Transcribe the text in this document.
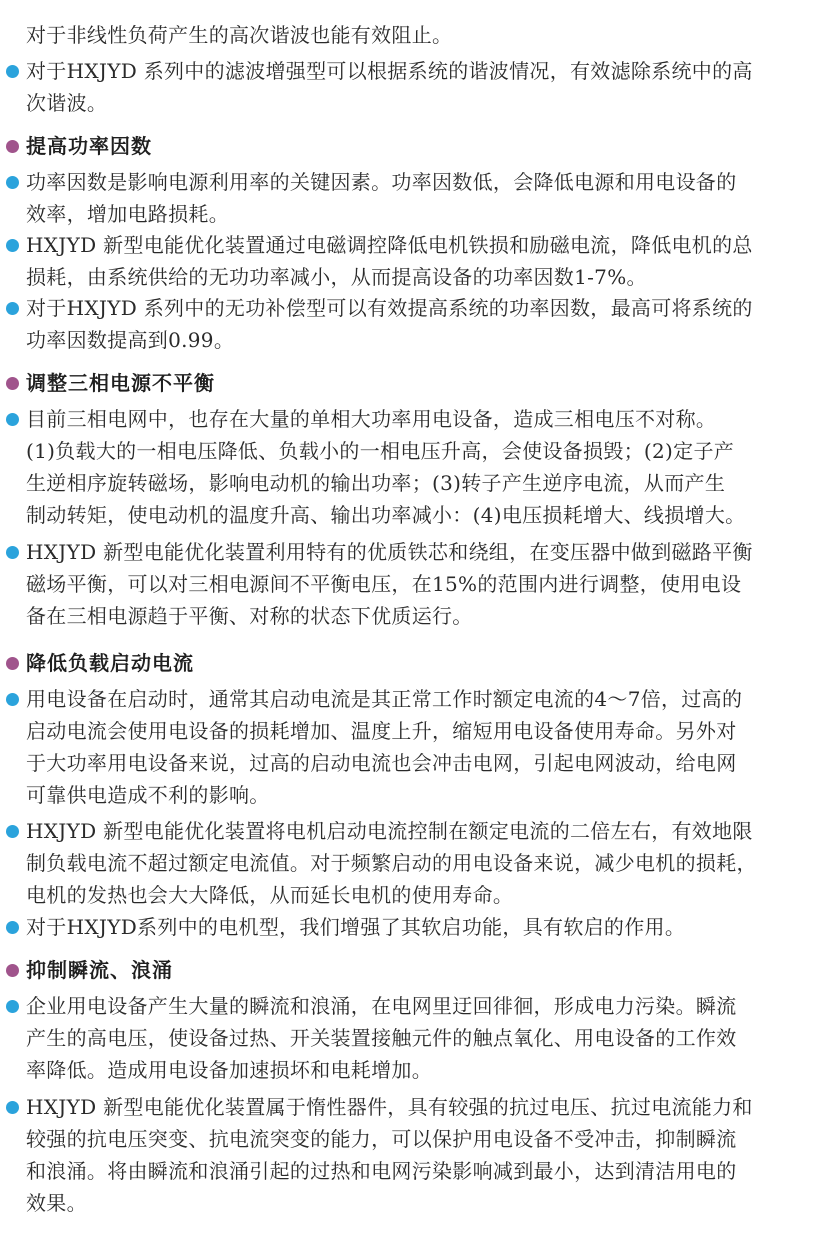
对于非线性负荷产生的高次谐波也能有效阻止。
对于HXJYD 系列中的滤波增强型可以根据系统的谐波情况，有效滤除系统中的高
次谐波。
提高功率因数
功率因数是影响电源利用率的关键因素。功率因数低，会降低电源和用电设备的
效率，增加电路损耗。
HXJYD 新型电能优化装置通过电磁调控降低电机铁损和励磁电流，降低电机的总
损耗，由系统供给的无功功率减小，从而提高设备的功率因数1-7%。
对于HXJYD 系列中的无功补偿型可以有效提高系统的功率因数，最高可将系统的
功率因数提高到0.99。
调整三相电源不平衡
目前三相电网中，也存在大量的单相大功率用电设备，造成三相电压不对称。
(1)负载大的一相电压降低、负载小的一相电压升高，会使设备损毁；(2)定子产
生逆相序旋转磁场，影响电动机的输出功率；(3)转子产生逆序电流，从而产生
制动转矩，使电动机的温度升高、输出功率减小：(4)电压损耗增大、线损增大。
HXJYD 新型电能优化装置利用特有的优质铁芯和绕组，在变压器中做到磁路平衡
磁场平衡，可以对三相电源间不平衡电压，在15%的范围内进行调整，使用电设
备在三相电源趋于平衡、对称的状态下优质运行。
降低负载启动电流
用电设备在启动时，通常其启动电流是其正常工作时额定电流的4～7倍，过高的
启动电流会使用电设备的损耗增加、温度上升，缩短用电设备使用寿命。另外对
于大功率用电设备来说，过高的启动电流也会冲击电网，引起电网波动，给电网
可靠供电造成不利的影响。
HXJYD 新型电能优化装置将电机启动电流控制在额定电流的二倍左右，有效地限
制负载电流不超过额定电流值。对于频繁启动的用电设备来说，减少电机的损耗，
电机的发热也会大大降低，从而延长电机的使用寿命。
对于HXJYD系列中的电机型，我们增强了其软启功能，具有软启的作用。
抑制瞬流、浪涌
企业用电设备产生大量的瞬流和浪涌，在电网里迂回徘徊，形成电力污染。瞬流
产生的高电压，使设备过热、开关装置接触元件的触点氧化、用电设备的工作效
率降低。造成用电设备加速损坏和电耗增加。
HXJYD 新型电能优化装置属于惰性器件，具有较强的抗过电压、抗过电流能力和
较强的抗电压突变、抗电流突变的能力，可以保护用电设备不受冲击，抑制瞬流
和浪涌。将由瞬流和浪涌引起的过热和电网污染影响减到最小，达到清洁用电的
效果。
